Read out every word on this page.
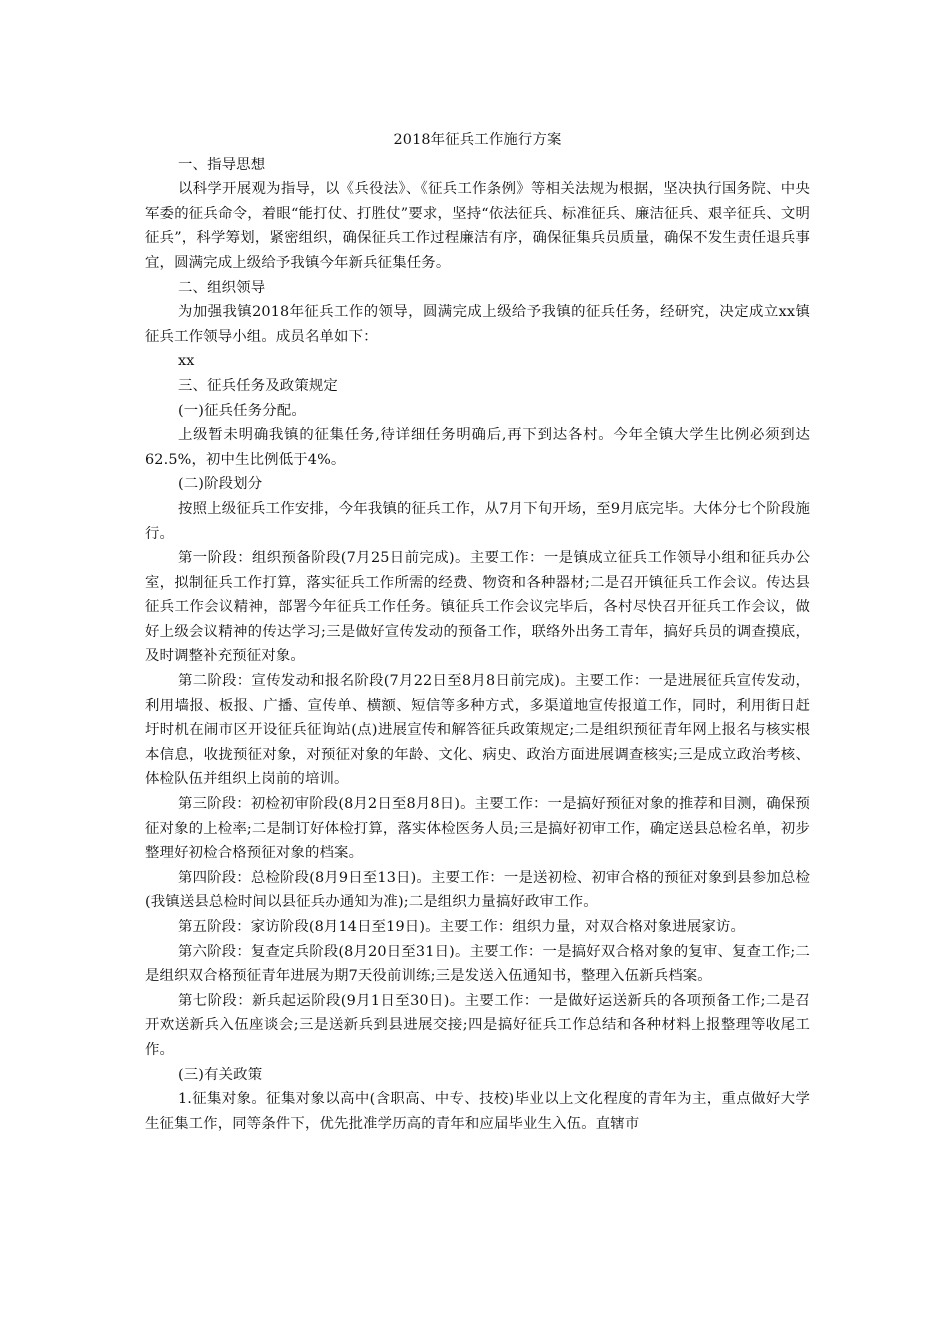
2018年征兵工作施行方案

一、指导思想

以科学开展观为指导，以《兵役法》、《征兵工作条例》等相关法规为根据，坚决执行国务院、中央军委的征兵命令，着眼“能打仗、打胜仗”要求，坚持“依法征兵、标准征兵、廉洁征兵、艰辛征兵、文明征兵”，科学筹划，紧密组织，确保征兵工作过程廉洁有序，确保征集兵员质量，确保不发生责任退兵事宜，圆满完成上级给予我镇今年新兵征集任务。

二、组织领导

为加强我镇2018年征兵工作的领导，圆满完成上级给予我镇的征兵任务，经研究，决定成立xx镇征兵工作领导小组。成员名单如下：

xx

三、征兵任务及政策规定

(一)征兵任务分配。

上级暂未明确我镇的征集任务,待详细任务明确后,再下到达各村。今年全镇大学生比例必须到达62.5%，初中生比例低于4%。

(二)阶段划分

按照上级征兵工作安排，今年我镇的征兵工作，从7月下旬开场，至9月底完毕。大体分七个阶段施行。

第一阶段：组织预备阶段(7月25日前完成)。主要工作：一是镇成立征兵工作领导小组和征兵办公室，拟制征兵工作打算，落实征兵工作所需的经费、物资和各种器材;二是召开镇征兵工作会议。传达县征兵工作会议精神，部署今年征兵工作任务。镇征兵工作会议完毕后，各村尽快召开征兵工作会议，做好上级会议精神的传达学习;三是做好宣传发动的预备工作，联络外出务工青年，搞好兵员的调查摸底，及时调整补充预征对象。

第二阶段：宣传发动和报名阶段(7月22日至8月8日前完成)。主要工作：一是进展征兵宣传发动，利用墙报、板报、广播、宣传单、横额、短信等多种方式，多渠道地宣传报道工作，同时，利用街日赶圩时机在闹市区开设征兵征询站(点)进展宣传和解答征兵政策规定;二是组织预征青年网上报名与核实根本信息，收拢预征对象，对预征对象的年龄、文化、病史、政治方面进展调查核实;三是成立政治考核、体检队伍并组织上岗前的培训。

第三阶段：初检初审阶段(8月2日至8月8日)。主要工作：一是搞好预征对象的推荐和目测，确保预征对象的上检率;二是制订好体检打算，落实体检医务人员;三是搞好初审工作，确定送县总检名单，初步整理好初检合格预征对象的档案。

第四阶段：总检阶段(8月9日至13日)。主要工作：一是送初检、初审合格的预征对象到县参加总检(我镇送县总检时间以县征兵办通知为准);二是组织力量搞好政审工作。

第五阶段：家访阶段(8月14日至19日)。主要工作：组织力量，对双合格对象进展家访。

第六阶段：复查定兵阶段(8月20日至31日)。主要工作：一是搞好双合格对象的复审、复查工作;二是组织双合格预征青年进展为期7天役前训练;三是发送入伍通知书，整理入伍新兵档案。

第七阶段：新兵起运阶段(9月1日至30日)。主要工作：一是做好运送新兵的各项预备工作;二是召开欢送新兵入伍座谈会;三是送新兵到县进展交接;四是搞好征兵工作总结和各种材料上报整理等收尾工作。

(三)有关政策

1.征集对象。征集对象以高中(含职高、中专、技校)毕业以上文化程度的青年为主，重点做好大学生征集工作，同等条件下，优先批准学历高的青年和应届毕业生入伍。直辖市
